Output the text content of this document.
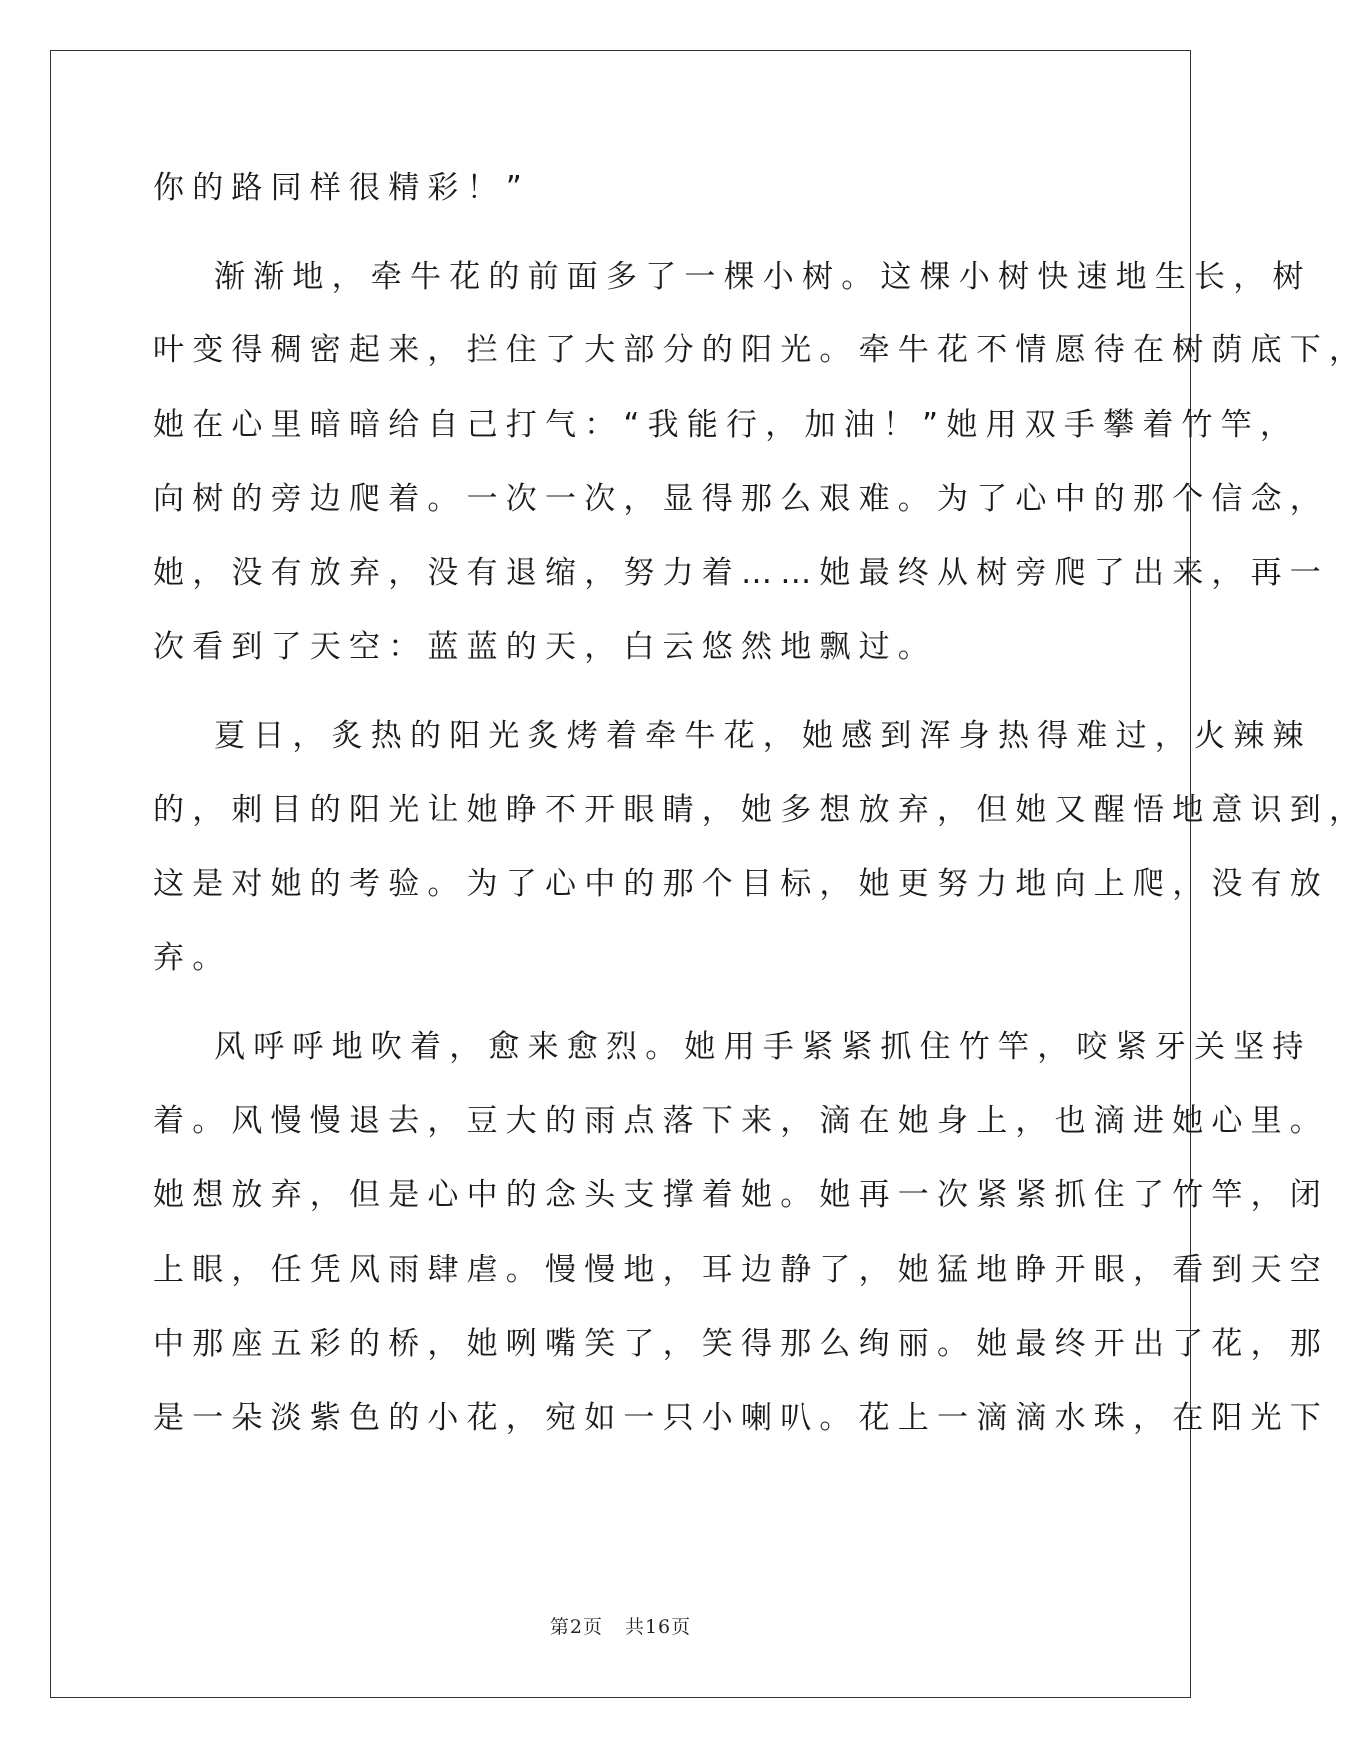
你的路同样很精彩！”
渐渐地，牵牛花的前面多了一棵小树。这棵小树快速地生长，树
叶变得稠密起来，拦住了大部分的阳光。牵牛花不情愿待在树荫底下，
她在心里暗暗给自己打气：“我能行，加油！”她用双手攀着竹竿，
向树的旁边爬着。一次一次，显得那么艰难。为了心中的那个信念，
她，没有放弃，没有退缩，努力着……她最终从树旁爬了出来，再一
次看到了天空：蓝蓝的天，白云悠然地飘过。
夏日，炙热的阳光炙烤着牵牛花，她感到浑身热得难过，火辣辣
的，刺目的阳光让她睁不开眼睛，她多想放弃，但她又醒悟地意识到，
这是对她的考验。为了心中的那个目标，她更努力地向上爬，没有放
弃。
风呼呼地吹着，愈来愈烈。她用手紧紧抓住竹竿，咬紧牙关坚持
着。风慢慢退去，豆大的雨点落下来，滴在她身上，也滴进她心里。
她想放弃，但是心中的念头支撑着她。她再一次紧紧抓住了竹竿，闭
上眼，任凭风雨肆虐。慢慢地，耳边静了，她猛地睁开眼，看到天空
中那座五彩的桥，她咧嘴笑了，笑得那么绚丽。她最终开出了花，那
是一朵淡紫色的小花，宛如一只小喇叭。花上一滴滴水珠，在阳光下
第2页 共16页
